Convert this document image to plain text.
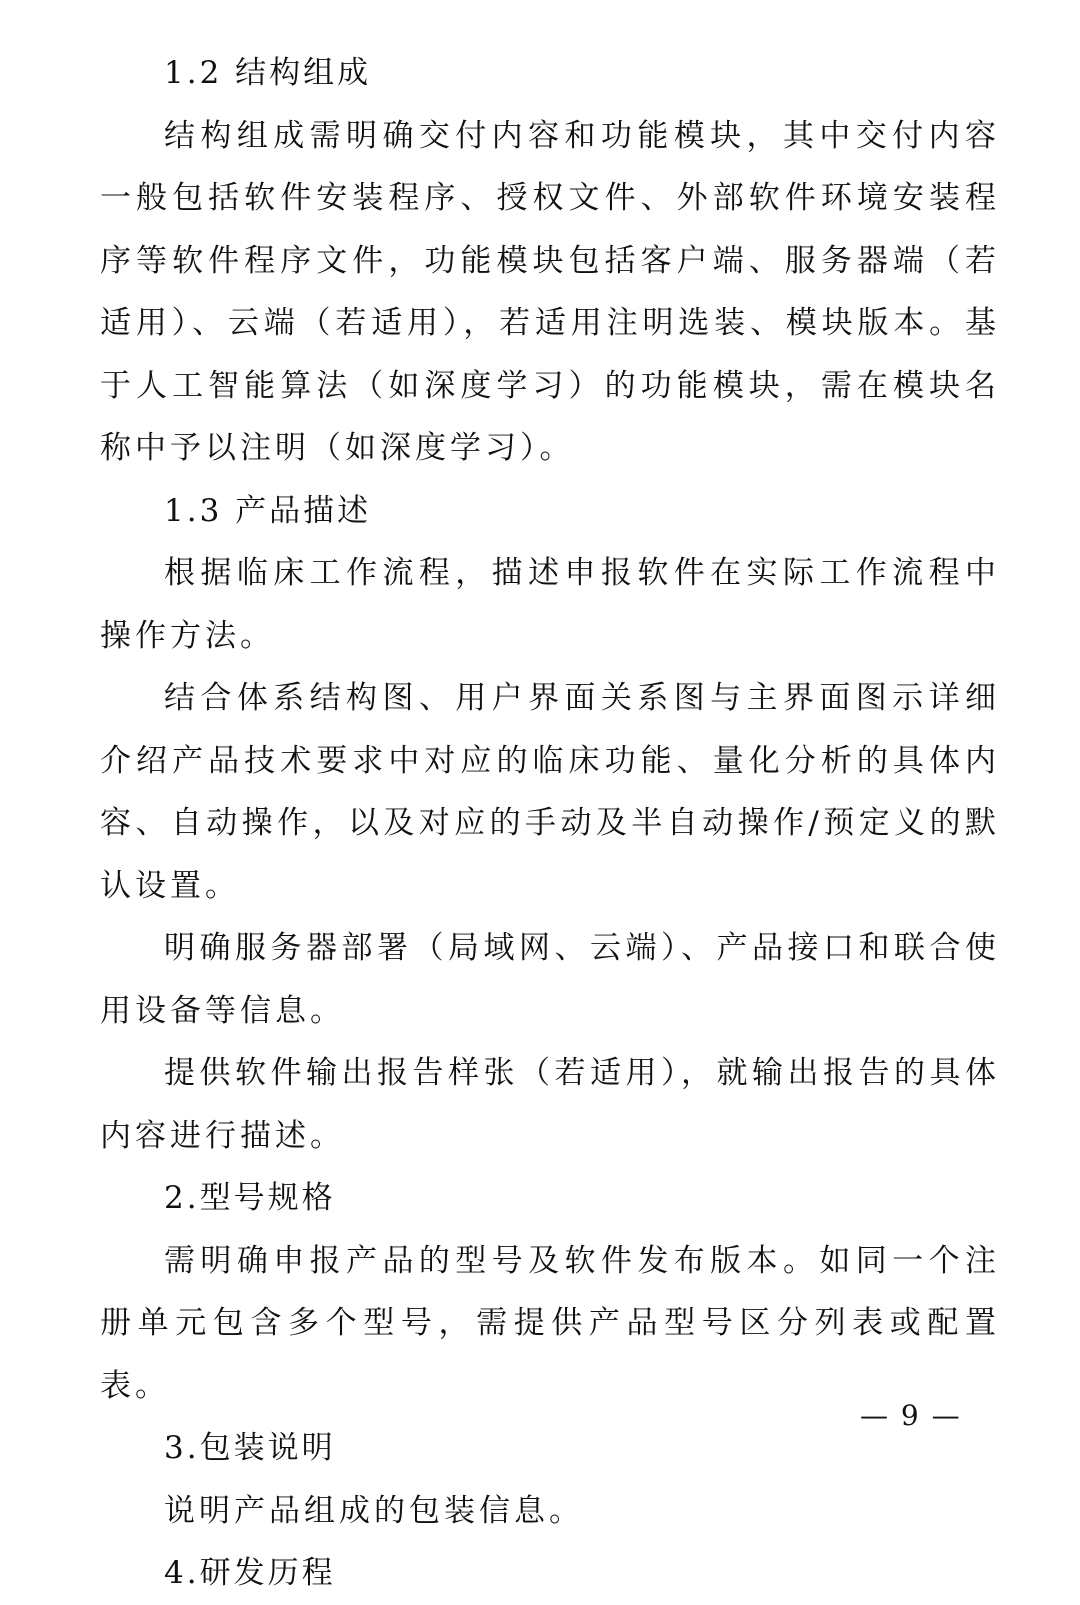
1.2 结构组成

结构组成需明确交付内容和功能模块，其中交付内容一般包括软件安装程序、授权文件、外部软件环境安装程序等软件程序文件，功能模块包括客户端、服务器端（若适用）、云端（若适用），若适用注明选装、模块版本。基于人工智能算法（如深度学习）的功能模块，需在模块名称中予以注明（如深度学习）。

1.3 产品描述

根据临床工作流程，描述申报软件在实际工作流程中操作方法。

结合体系结构图、用户界面关系图与主界面图示详细介绍产品技术要求中对应的临床功能、量化分析的具体内容、自动操作，以及对应的手动及半自动操作/预定义的默认设置。

明确服务器部署（局域网、云端）、产品接口和联合使用设备等信息。

提供软件输出报告样张（若适用），就输出报告的具体内容进行描述。

2.型号规格

需明确申报产品的型号及软件发布版本。如同一个注册单元包含多个型号，需提供产品型号区分列表或配置表。

3.包装说明

说明产品组成的包装信息。

4.研发历程

— 9 —
